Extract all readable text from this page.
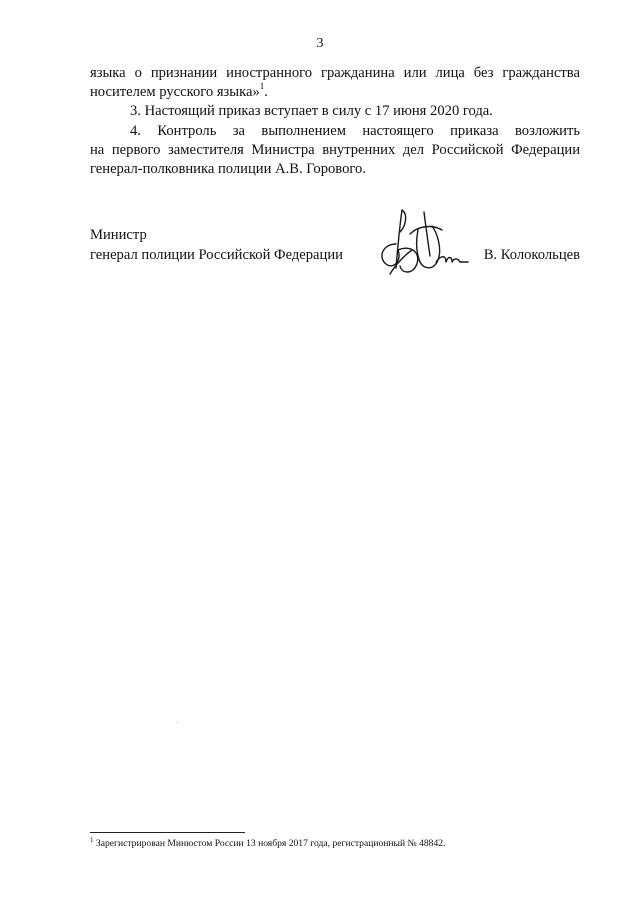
3

языка о признании иностранного гражданина или лица без гражданства

носителем русского языка»$^1$.

3. Настоящий приказ вступает в силу с 17 июня 2020 года.

4. Контроль за выполнением настоящего приказа возложить

на первого заместителя Министра внутренних дел Российской Федерации генерал-полковника полиции А.В. Горового.

Министр
генерал полиции Российской Федерации	В. Колокольцев
$^1$ Зарегистрирован Минюстом России 13 ноября 2017 года, регистрационный № 48842.
